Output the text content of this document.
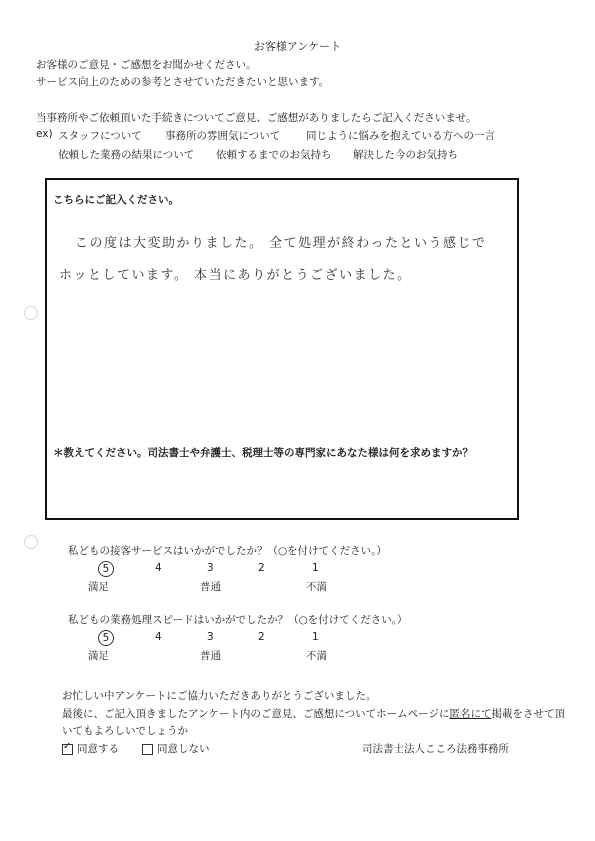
お客様アンケート
お客様のご意見・ご感想をお聞かせください。
サービス向上のための参考とさせていただきたいと思います。
当事務所やご依頼頂いた手続きについてご意見、ご感想がありましたらご記入くださいませ。
ex) スタッフについて 事務所の雰囲気について 同じように悩みを抱えている方への一言
依頼した業務の結果について 依頼するまでのお気持ち 解決した今のお気持ち
こちらにご記入ください。
この度は大変助かりました。 全て処理が終わったという感じで
ホッとしています。 本当にありがとうございました。
＊教えてください。司法書士や弁護士、税理士等の専門家にあなた様は何を求めますか？
私どもの接客サービスはいかがでしたか？（○を付けてください。）
5	4	3	2	1
満足	普通	不満
私どもの業務処理スピードはいかがでしたか？（○を付けてください。）
5	4	3	2	1
満足	普通	不満
お忙しい中アンケートにご協力いただきありがとうございました。
最後に、ご記入頂きましたアンケート内のご意見、ご感想についてホームページに匿名にて掲載をさせて頂
いてもよろしいでしょうか
✓同意する	同意しない	司法書士法人こころ法務事務所
